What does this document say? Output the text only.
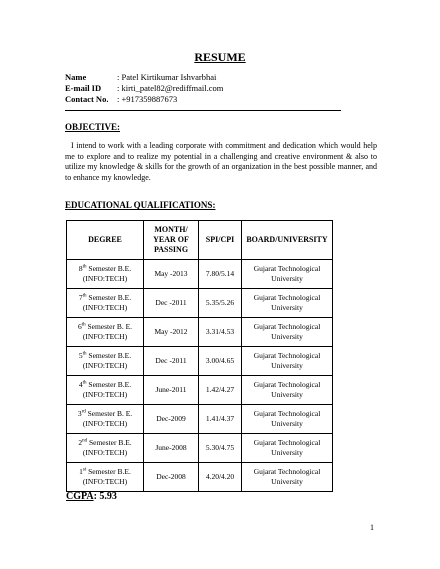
RESUME
Name	: Patel Kirtikumar Ishvarbhai
E-mail ID	: kirti_patel82@rediffmail.com
Contact No.	: +917359887673
OBJECTIVE:
I intend to work with a leading corporate with commitment and dedication which would help me to explore and to realize my potential in a challenging and creative environment & also to utilize my knowledge & skills for the growth of an organization in the best possible manner, and to enhance my knowledge.
EDUCATIONAL QUALIFICATIONS:
DEGREE	MONTH/ YEAR OF PASSING	SPI/CPI	BOARD/UNIVERSITY
8th Semester B.E.
(INFO:TECH)	May -2013	7.80/5.14	Gujarat Technological University
7th Semester B.E.
(INFO:TECH)	Dec -2011	5.35/5.26	Gujarat Technological University
6th Semester B. E.
(INFO:TECH)	May -2012	3.31/4.53	Gujarat Technological University
5th Semester B.E.
(INFO:TECH)	Dec -2011	3.00/4.65	Gujarat Technological University
4th Semester B.E.
(INFO:TECH)	June-2011	1.42/4.27	Gujarat Technological University
3rd Semester B. E.
(INFO:TECH)	Dec-2009	1.41/4.37	Gujarat Technological University
2nd Semester B.E.
(INFO:TECH)	June-2008	5.30/4.75	Gujarat Technological University
1st Semester B.E.
(INFO:TECH)	Dec-2008	4.20/4.20	Gujarat Technological University
CGPA: 5.93
1
